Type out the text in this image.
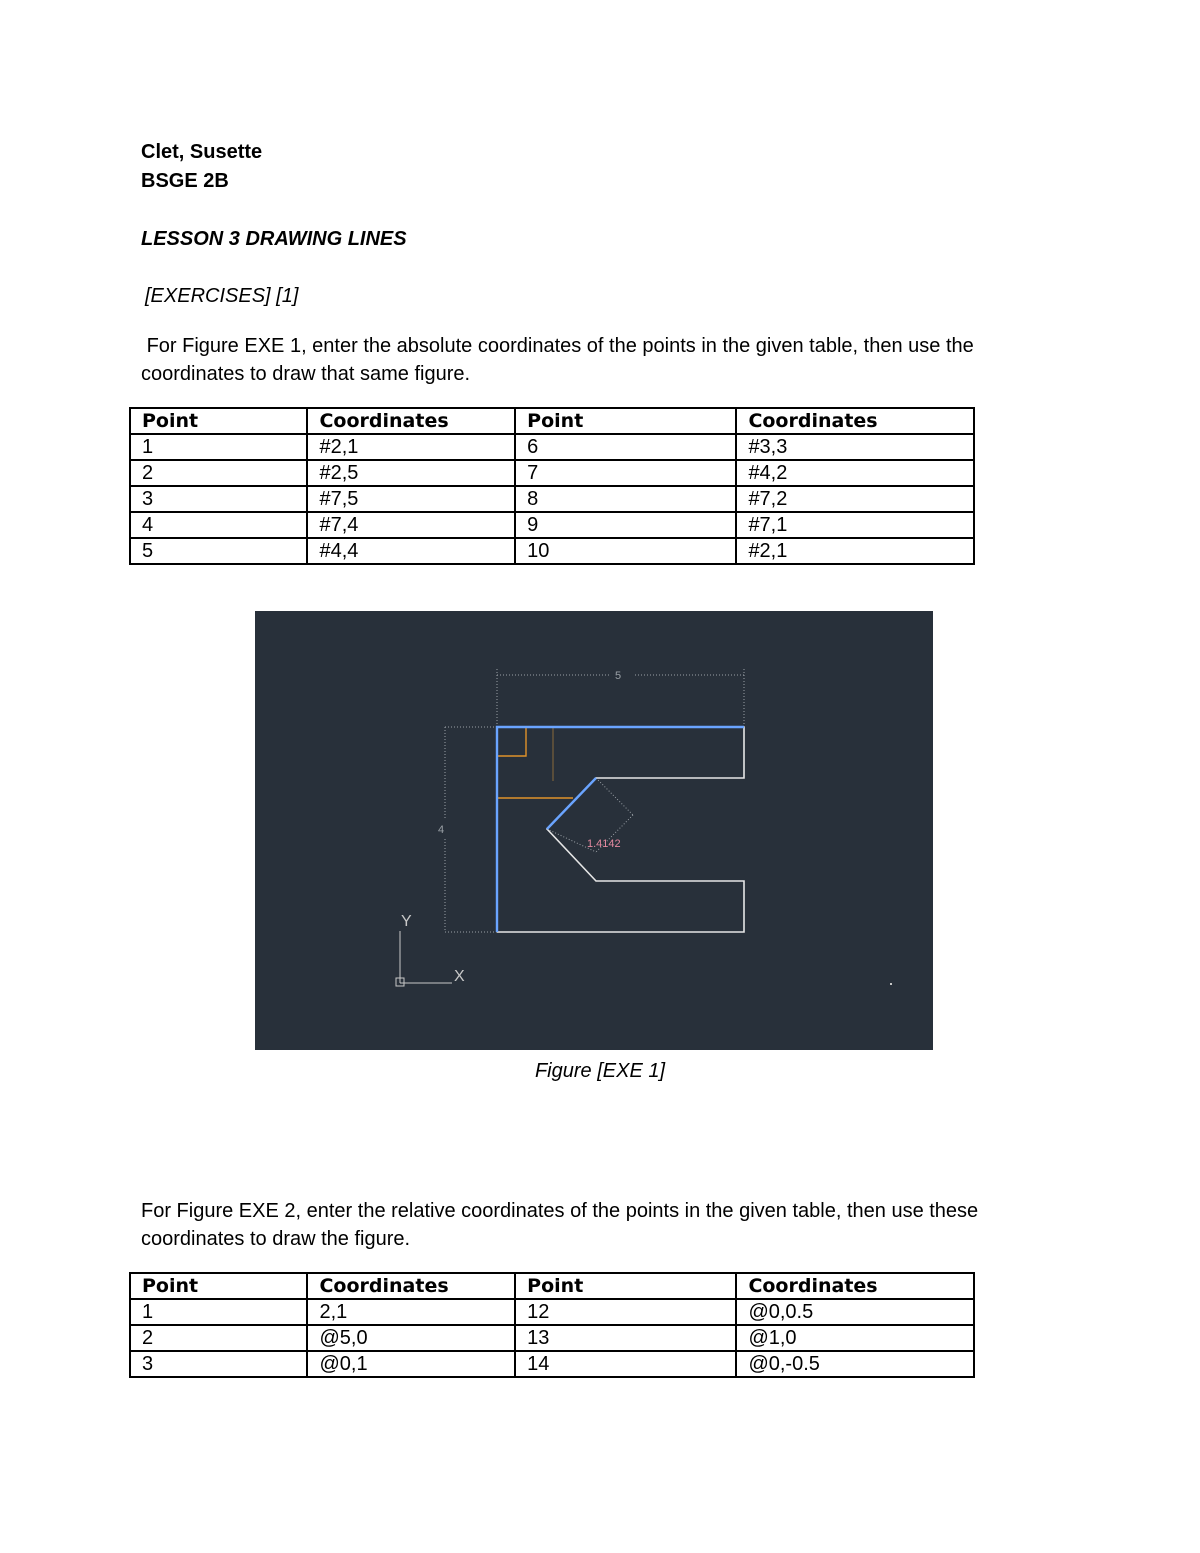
Clet, Susette
BSGE 2B
LESSON 3 DRAWING LINES
[EXERCISES] [1]
For Figure EXE 1, enter the absolute coordinates of the points in the given table, then use the coordinates to draw that same figure.
Point	Coordinates	Point	Coordinates
1	#2,1	6	#3,3
2	#2,5	7	#4,2
3	#7,5	8	#7,2
4	#7,4	9	#7,1
5	#4,4	10	#2,1
5
4
1.4142
Y
X
Figure [EXE 1]
For Figure EXE 2, enter the relative coordinates of the points in the given table, then use these coordinates to draw the figure.
Point	Coordinates	Point	Coordinates
1	2,1	12	@0,0.5
2	@5,0	13	@1,0
3	@0,1	14	@0,-0.5
